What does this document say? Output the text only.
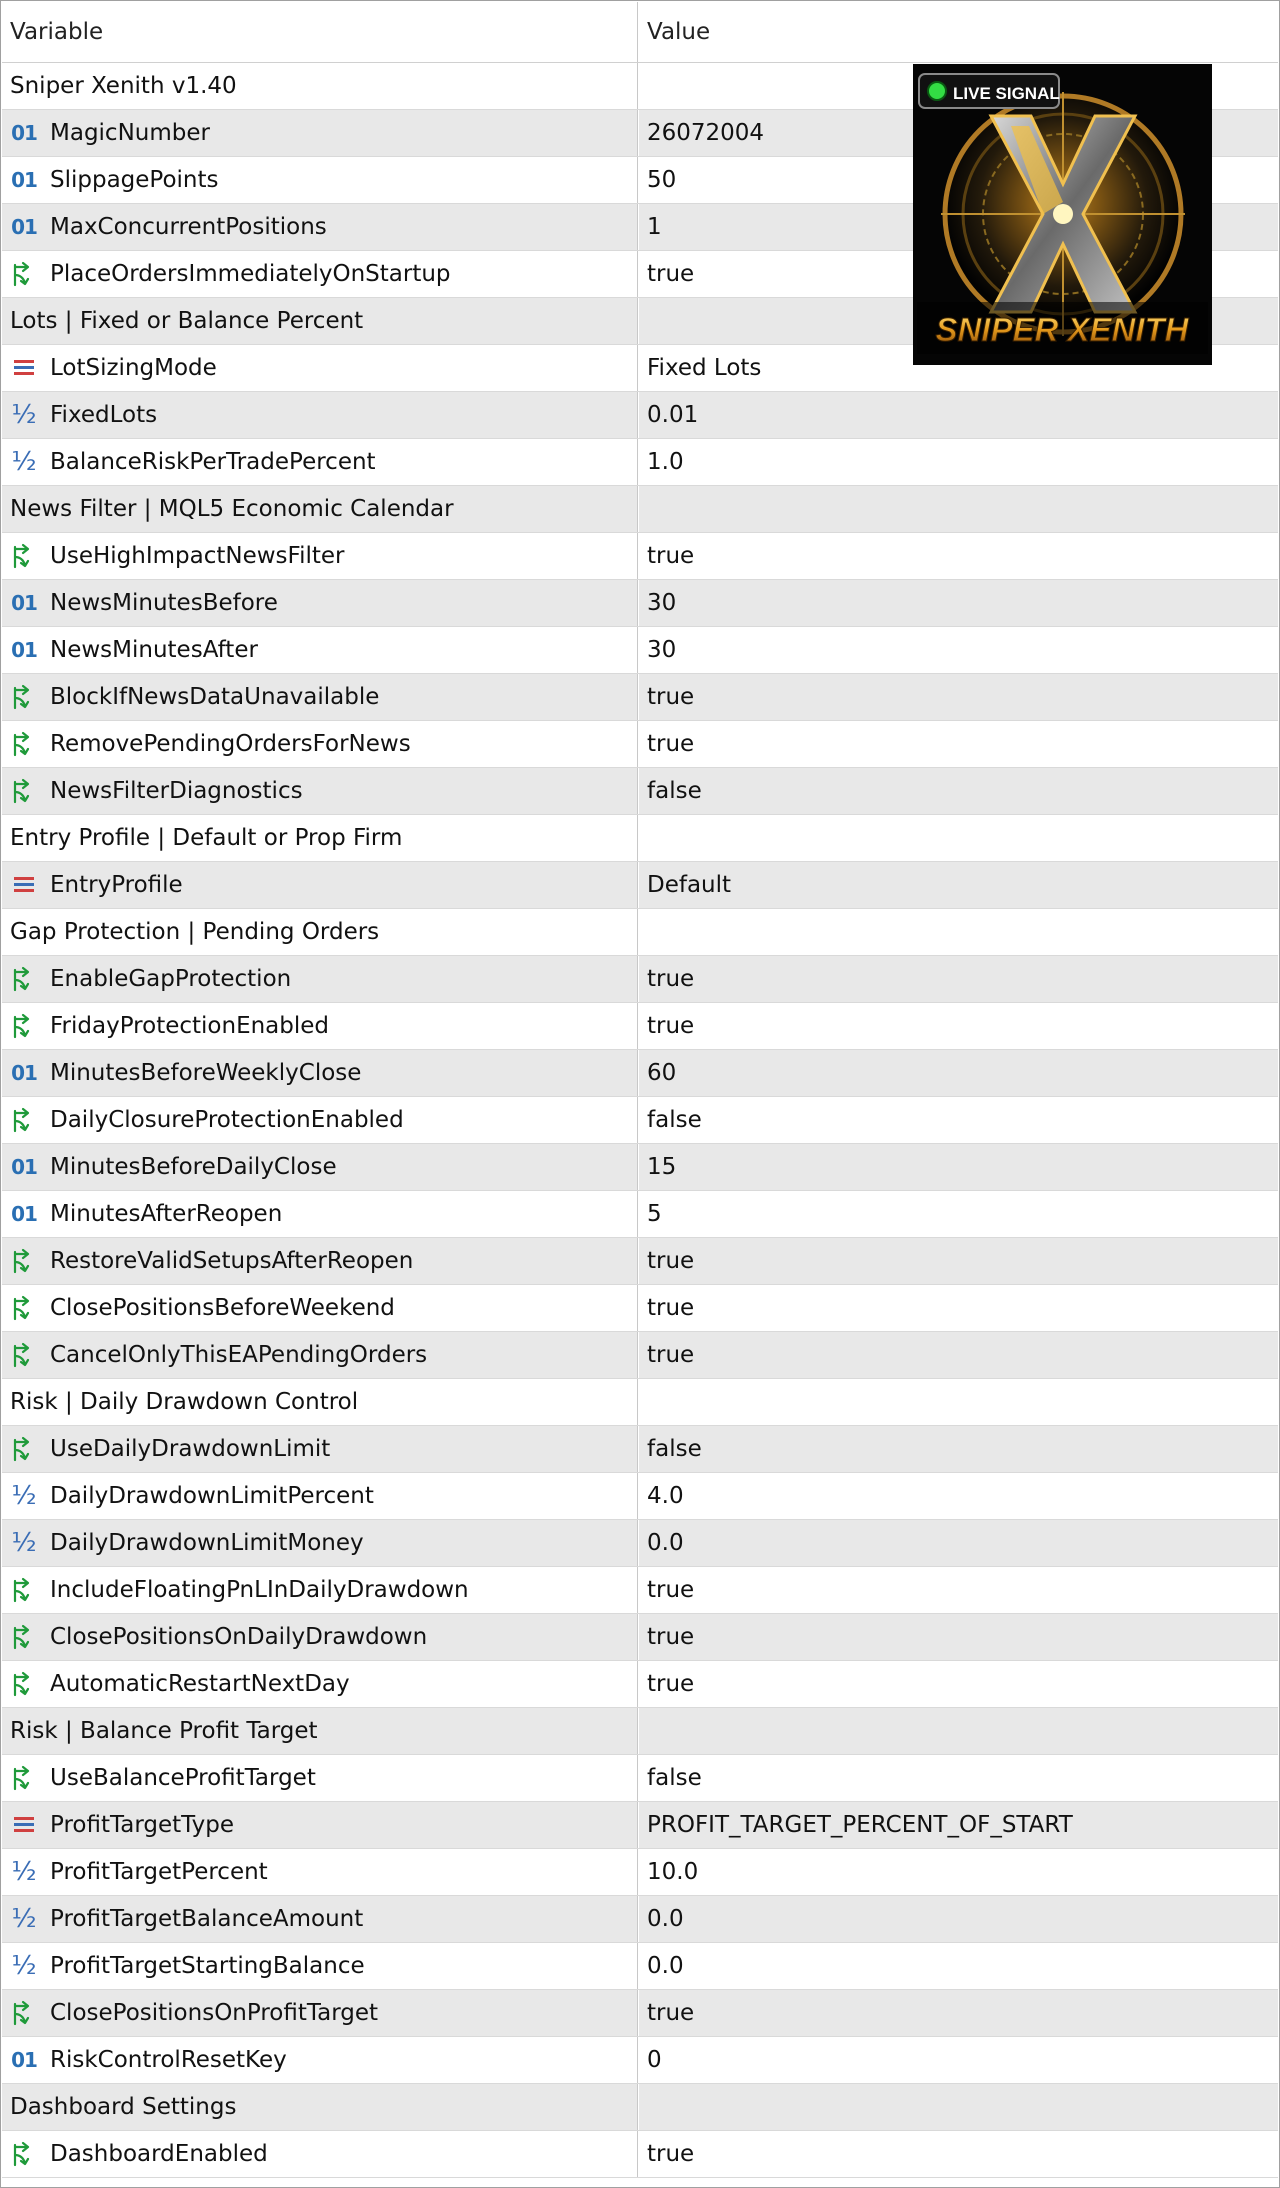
Variable	Value
Sniper Xenith v1.40
01 MagicNumber	26072004
01 SlippagePoints	50
01 MaxConcurrentPositions	1
PlaceOrdersImmediatelyOnStartup	true
Lots | Fixed or Balance Percent
LotSizingMode	Fixed Lots
½ FixedLots	0.01
½ BalanceRiskPerTradePercent	1.0
News Filter | MQL5 Economic Calendar
UseHighImpactNewsFilter	true
01 NewsMinutesBefore	30
01 NewsMinutesAfter	30
BlockIfNewsDataUnavailable	true
RemovePendingOrdersForNews	true
NewsFilterDiagnostics	false
Entry Profile | Default or Prop Firm
EntryProfile	Default
Gap Protection | Pending Orders
EnableGapProtection	true
FridayProtectionEnabled	true
01 MinutesBeforeWeeklyClose	60
DailyClosureProtectionEnabled	false
01 MinutesBeforeDailyClose	15
01 MinutesAfterReopen	5
RestoreValidSetupsAfterReopen	true
ClosePositionsBeforeWeekend	true
CancelOnlyThisEAPendingOrders	true
Risk | Daily Drawdown Control
UseDailyDrawdownLimit	false
½ DailyDrawdownLimitPercent	4.0
½ DailyDrawdownLimitMoney	0.0
IncludeFloatingPnLInDailyDrawdown	true
ClosePositionsOnDailyDrawdown	true
AutomaticRestartNextDay	true
Risk | Balance Profit Target
UseBalanceProfitTarget	false
ProfitTargetType	PROFIT_TARGET_PERCENT_OF_START
½ ProfitTargetPercent	10.0
½ ProfitTargetBalanceAmount	0.0
½ ProfitTargetStartingBalance	0.0
ClosePositionsOnProfitTarget	true
01 RiskControlResetKey	0
Dashboard Settings
DashboardEnabled	true
LIVE SIGNAL
SNIPER XENITH
